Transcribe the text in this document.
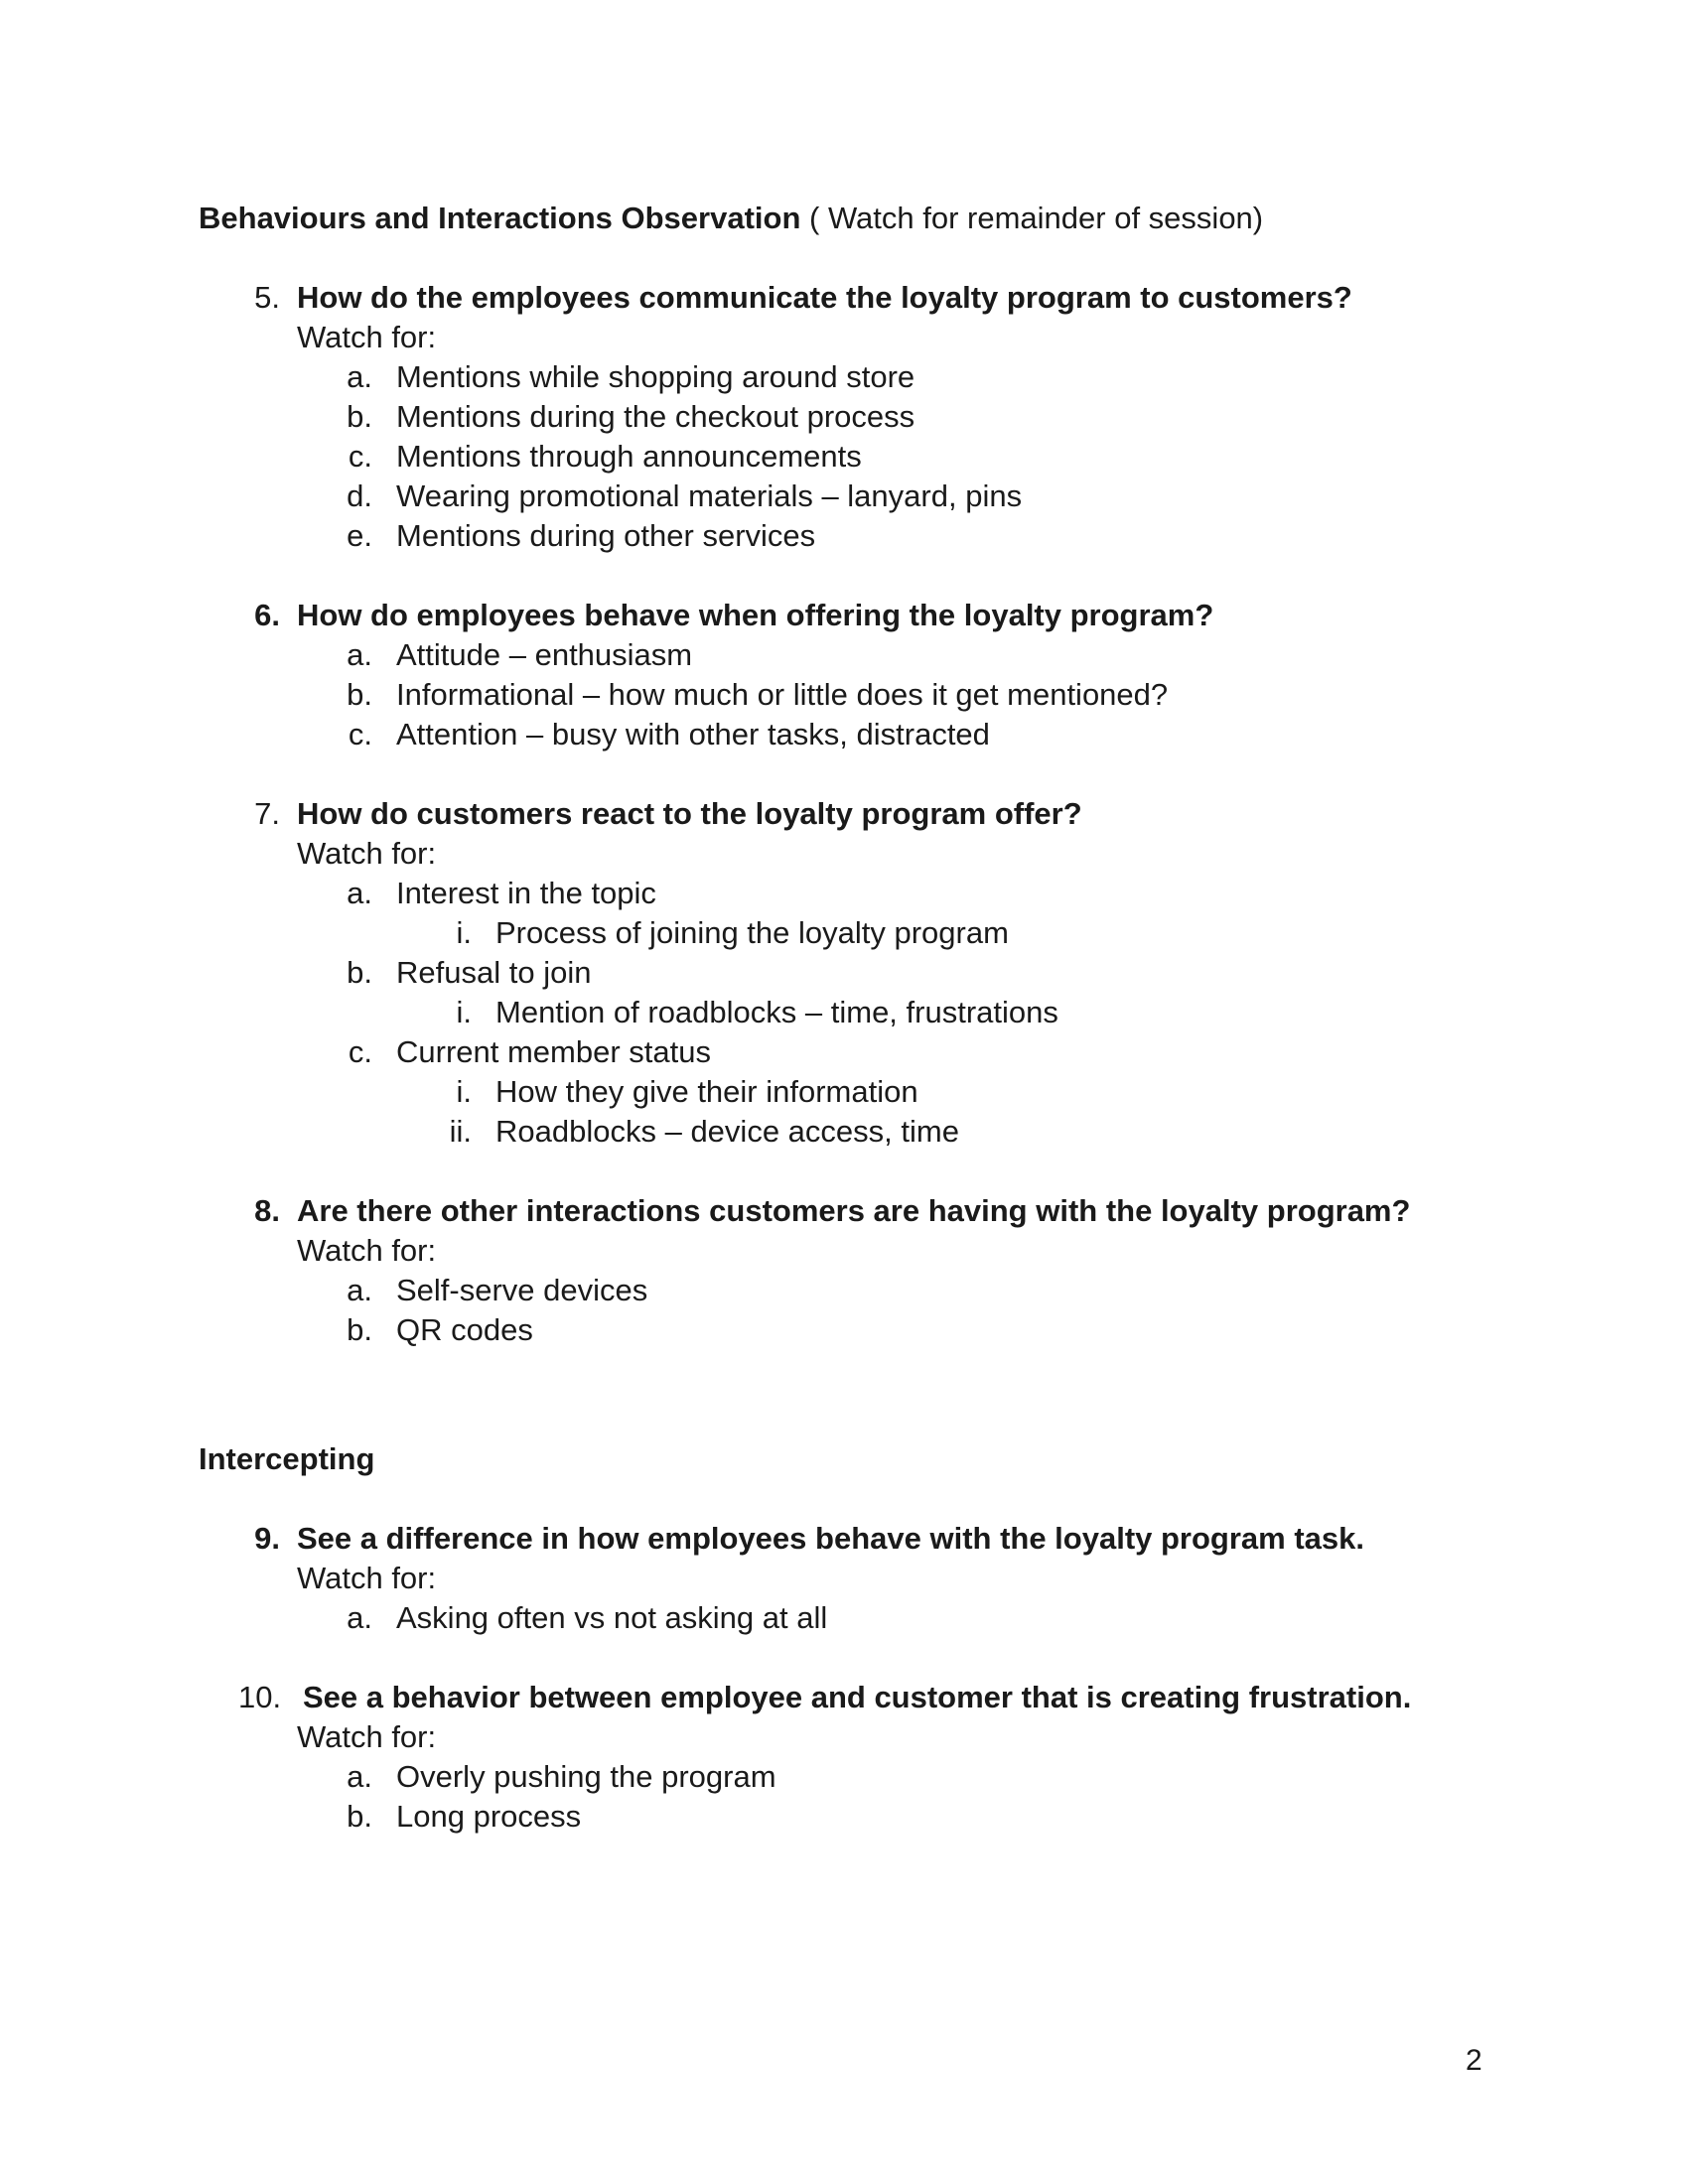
Behaviours and Interactions Observation ( Watch for remainder of session)
5. How do the employees communicate the loyalty program to customers?
Watch for:
a. Mentions while shopping around store
b. Mentions during the checkout process
c. Mentions through announcements
d. Wearing promotional materials – lanyard, pins
e. Mentions during other services
6. How do employees behave when offering the loyalty program?
a. Attitude – enthusiasm
b. Informational – how much or little does it get mentioned?
c. Attention – busy with other tasks, distracted
7. How do customers react to the loyalty program offer?
Watch for:
a. Interest in the topic
i. Process of joining the loyalty program
b. Refusal to join
i. Mention of roadblocks – time, frustrations
c. Current member status
i. How they give their information
ii. Roadblocks – device access, time
8. Are there other interactions customers are having with the loyalty program?
Watch for:
a. Self-serve devices
b. QR codes
Intercepting
9. See a difference in how employees behave with the loyalty program task.
Watch for:
a. Asking often vs not asking at all
10. See a behavior between employee and customer that is creating frustration.
Watch for:
a. Overly pushing the program
b. Long process
2
